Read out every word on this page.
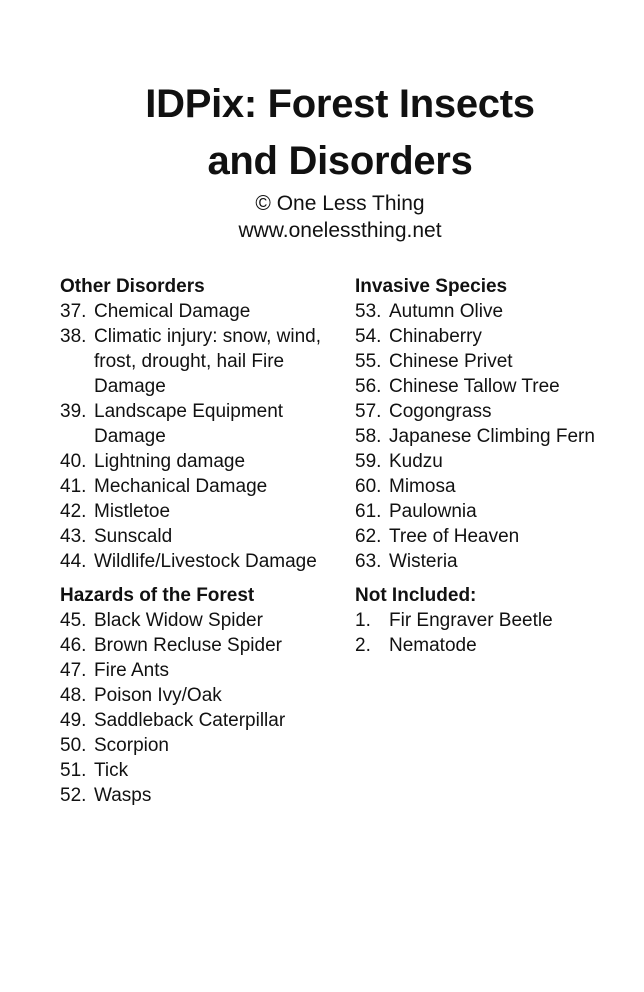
IDPix: Forest Insects
and Disorders

© One Less Thing

www.onelessthing.net

Other Disorders
37. Chemical Damage
38. Climatic injury: snow, wind, frost, drought, hail Fire Damage
39. Landscape Equipment Damage
40. Lightning damage
41. Mechanical Damage
42. Mistletoe
43. Sunscald
44. Wildlife/Livestock Damage
Hazards of the Forest
45. Black Widow Spider
46. Brown Recluse Spider
47. Fire Ants
48. Poison Ivy/Oak
49. Saddleback Caterpillar
50. Scorpion
51. Tick
52. Wasps
Invasive Species
53. Autumn Olive
54. Chinaberry
55. Chinese Privet
56. Chinese Tallow Tree
57. Cogongrass
58. Japanese Climbing Fern
59. Kudzu
60. Mimosa
61. Paulownia
62. Tree of Heaven
63. Wisteria
Not Included:
1. Fir Engraver Beetle
2. Nematode
